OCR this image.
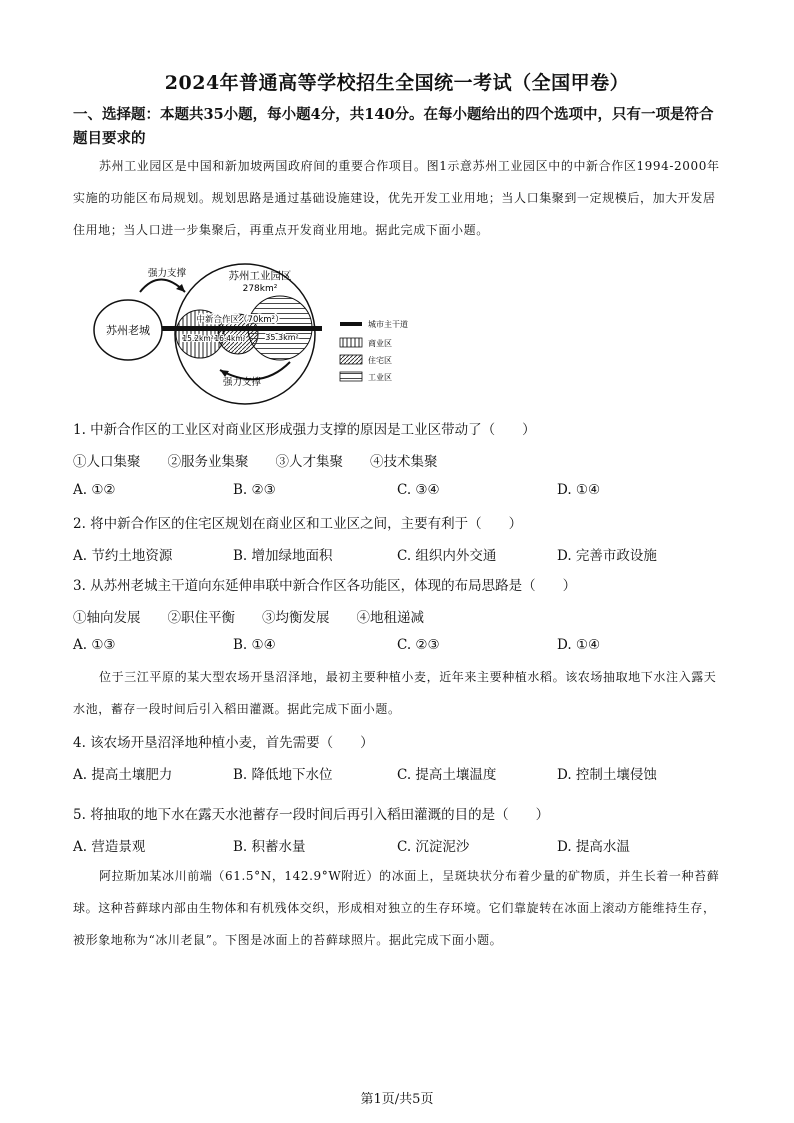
2024年普通高等学校招生全国统一考试（全国甲卷）
一、选择题：本题共35小题，每小题4分，共140分。在每小题给出的四个选项中，只有一项是符合题目要求的
苏州工业园区是中国和新加坡两国政府间的重要合作项目。图1示意苏州工业园区中的中新合作区1994-2000年实施的功能区布局规划。规划思路是通过基础设施建设，优先开发工业用地；当人口集聚到一定规模后，加大开发居住用地；当人口进一步集聚后，再重点开发商业用地。据此完成下面小题。
苏州老城
苏州工业园区
278km²
中新合作区（70km²）
15.2km² 16.4km² 35.3km²
强力支撑
强力支撑
城市主干道
商业区
住宅区
工业区
1. 中新合作区的工业区对商业区形成强力支撑的原因是工业区带动了（　　）
①人口集聚　　②服务业集聚　　③人才集聚　　④技术集聚
A. ①②	B. ②③	C. ③④	D. ①④
2. 将中新合作区的住宅区规划在商业区和工业区之间，主要有利于（　　）
A. 节约土地资源	B. 增加绿地面积	C. 组织内外交通	D. 完善市政设施
3. 从苏州老城主干道向东延伸串联中新合作区各功能区，体现的布局思路是（　　）
①轴向发展　　②职住平衡　　③均衡发展　　④地租递减
A. ①③	B. ①④	C. ②③	D. ①④
位于三江平原的某大型农场开垦沼泽地，最初主要种植小麦，近年来主要种植水稻。该农场抽取地下水注入露天水池，蓄存一段时间后引入稻田灌溉。据此完成下面小题。
4. 该农场开垦沼泽地种植小麦，首先需要（　　）
A. 提高土壤肥力	B. 降低地下水位	C. 提高土壤温度	D. 控制土壤侵蚀
5. 将抽取的地下水在露天水池蓄存一段时间后再引入稻田灌溉的目的是（　　）
A. 营造景观	B. 积蓄水量	C. 沉淀泥沙	D. 提高水温
阿拉斯加某冰川前端（61.5°N，142.9°W附近）的冰面上，呈斑块状分布着少量的矿物质，并生长着一种苔藓球。这种苔藓球内部由生物体和有机残体交织，形成相对独立的生存环境。它们靠旋转在冰面上滚动方能维持生存，被形象地称为“冰川老鼠”。下图是冰面上的苔藓球照片。据此完成下面小题。
第1页/共5页
